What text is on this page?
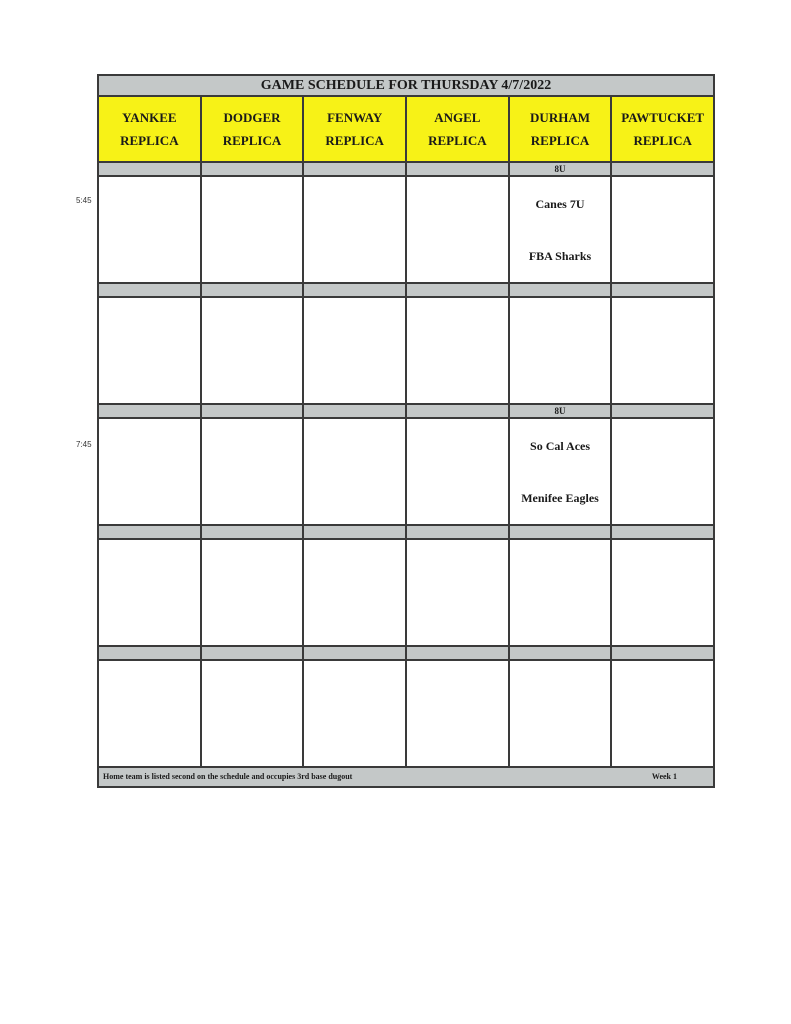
5:45
7:45
GAME SCHEDULE FOR THURSDAY 4/7/2022
YANKEE
REPLICA
DODGER
REPLICA
FENWAY
REPLICA
ANGEL
REPLICA
DURHAM
REPLICA
PAWTUCKET
REPLICA
8U
Canes 7U
FBA Sharks
8U
So Cal Aces
Menifee Eagles
Home team is listed second on the schedule and occupies 3rd base dugout	Week 1
